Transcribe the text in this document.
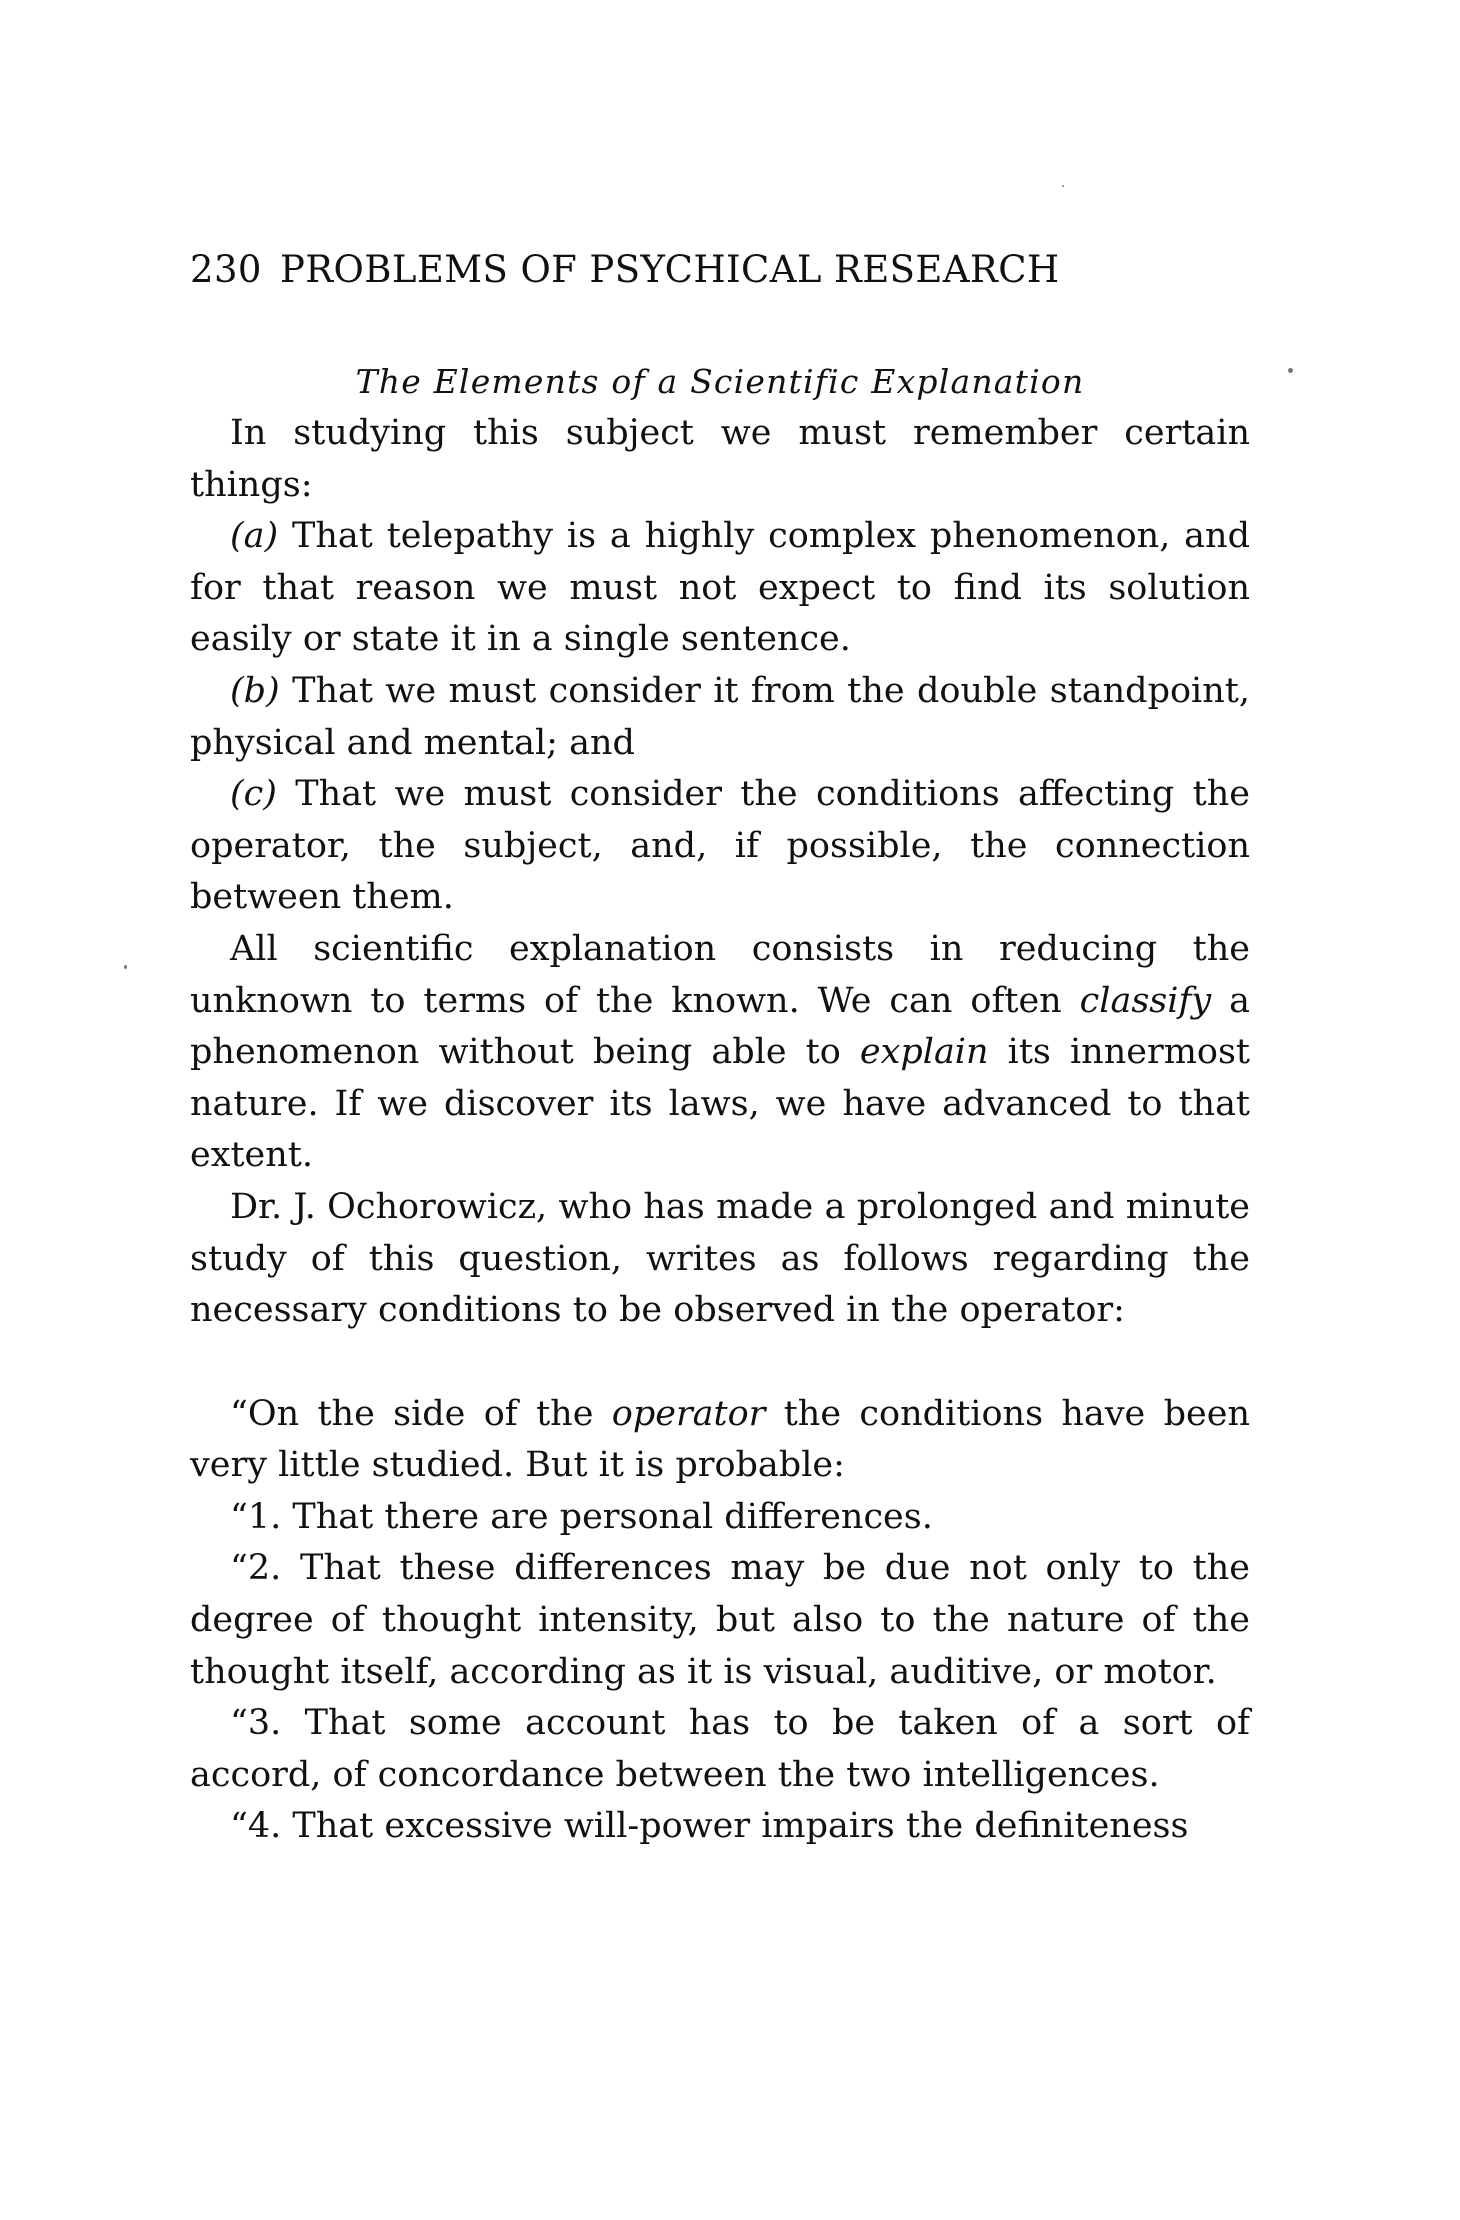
230 PROBLEMS OF PSYCHICAL RESEARCH
The Elements of a Scientific Explanation

In studying this subject we must remember certain things:

(a) That telepathy is a highly complex phenomenon, and for that reason we must not expect to find its solution easily or state it in a single sentence.

(b) That we must consider it from the double standpoint, physical and mental; and

(c) That we must consider the conditions affecting the operator, the subject, and, if possible, the connection between them.

All scientific explanation consists in reducing the unknown to terms of the known. We can often classify a phenomenon without being able to explain its innermost nature. If we discover its laws, we have advanced to that extent.

Dr. J. Ochorowicz, who has made a prolonged and minute study of this question, writes as follows regarding the necessary conditions to be observed in the operator:

“On the side of the operator the conditions have been very little studied. But it is probable:

“1. That there are personal differences.

“2. That these differences may be due not only to the degree of thought intensity, but also to the nature of the thought itself, according as it is visual, auditive, or motor.

“3. That some account has to be taken of a sort of accord, of concordance between the two intelligences.

“4. That excessive will-power impairs the definiteness
